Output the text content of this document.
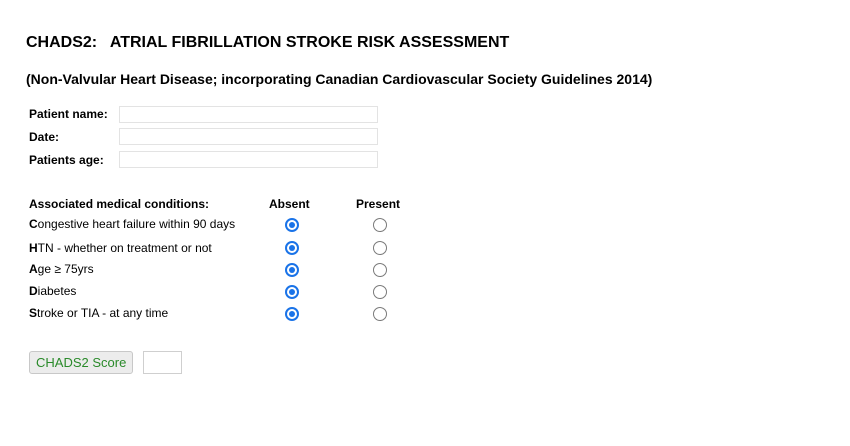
CHADS2:   ATRIAL FIBRILLATION STROKE RISK ASSESSMENT
(Non-Valvular Heart Disease; incorporating Canadian Cardiovascular Society Guidelines 2014)
Patient name:
Date:
Patients age:
Associated medical conditions:	Absent	Present
Congestive heart failure within 90 days
HTN - whether on treatment or not
Age ≥ 75yrs
Diabetes
Stroke or TIA - at any time
CHADS2 Score
